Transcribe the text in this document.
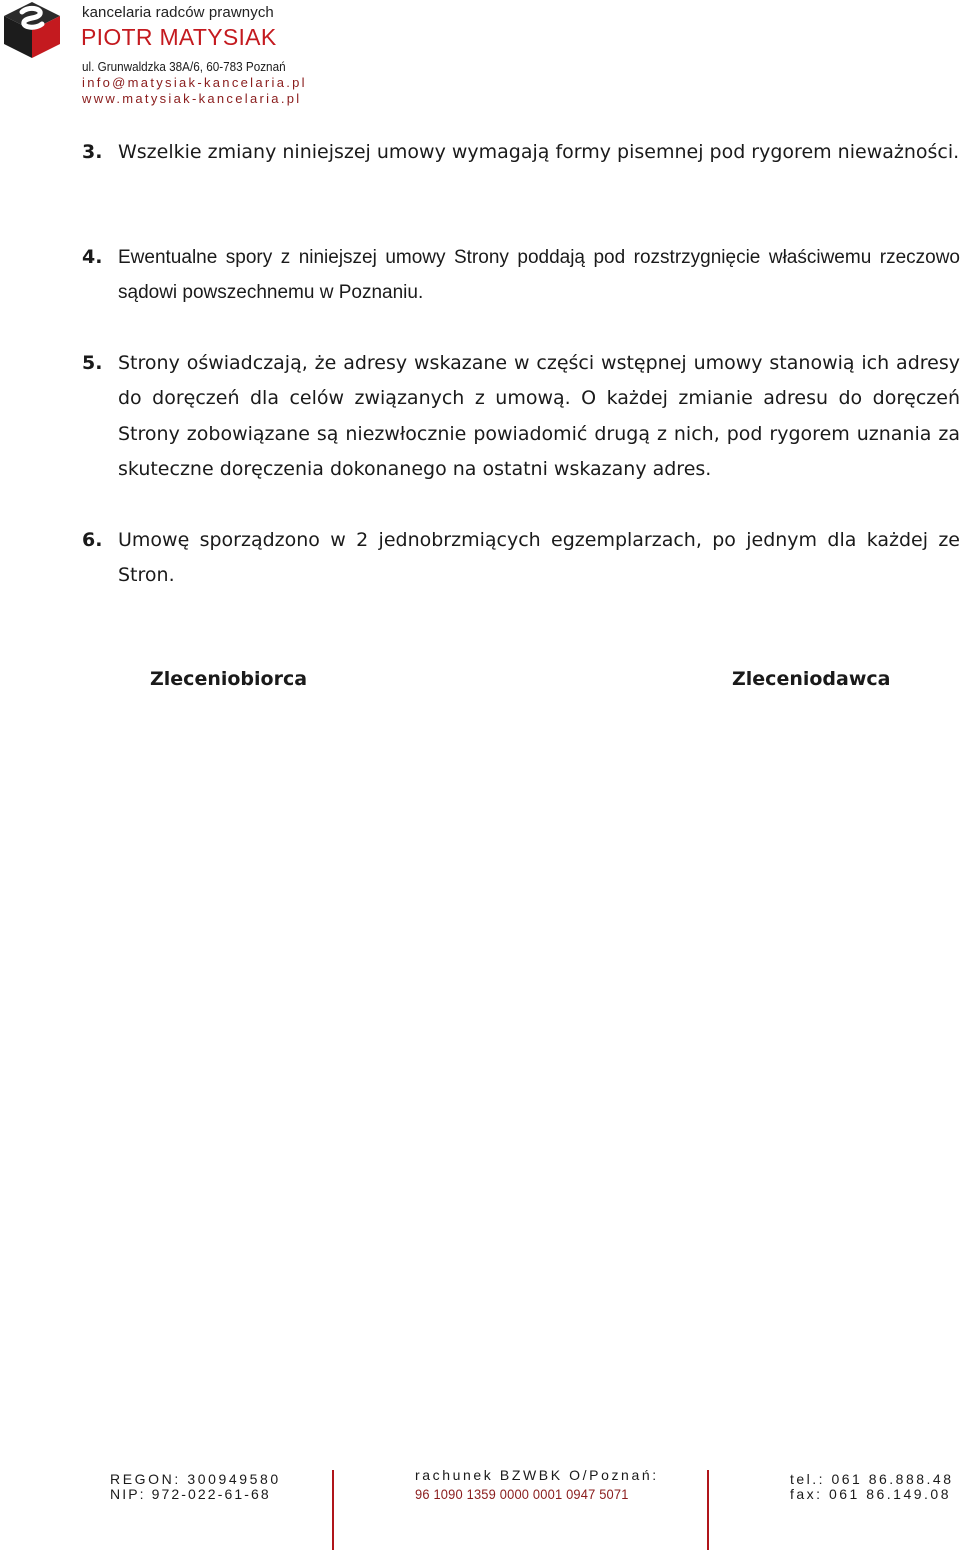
kancelaria radców prawnych
PIOTR MATYSIAK
ul. Grunwaldzka 38A/6, 60-783 Poznań
info@matysiak-kancelaria.pl
www.matysiak-kancelaria.pl
3. Wszelkie zmiany niniejszej umowy wymagają formy pisemnej pod rygorem nieważności.
4. Ewentualne spory z niniejszej umowy Strony poddają pod rozstrzygnięcie właściwemu rzeczowo sądowi powszechnemu w Poznaniu.
5. Strony oświadczają, że adresy wskazane w części wstępnej umowy stanowią ich adresy do doręczeń dla celów związanych z umową. O każdej zmianie adresu do doręczeń Strony zobowiązane są niezwłocznie powiadomić drugą z nich, pod rygorem uznania za skuteczne doręczenia dokonanego na ostatni wskazany adres.
6. Umowę sporządzono w 2 jednobrzmiących egzemplarzach, po jednym dla każdej ze Stron.
Zleceniobiorca	Zleceniodawca
REGON: 300949580
NIP: 972-022-61-68
rachunek BZWBK O/Poznań:
96 1090 1359 0000 0001 0947 5071
tel.: 061 86.888.48
fax: 061 86.149.08
